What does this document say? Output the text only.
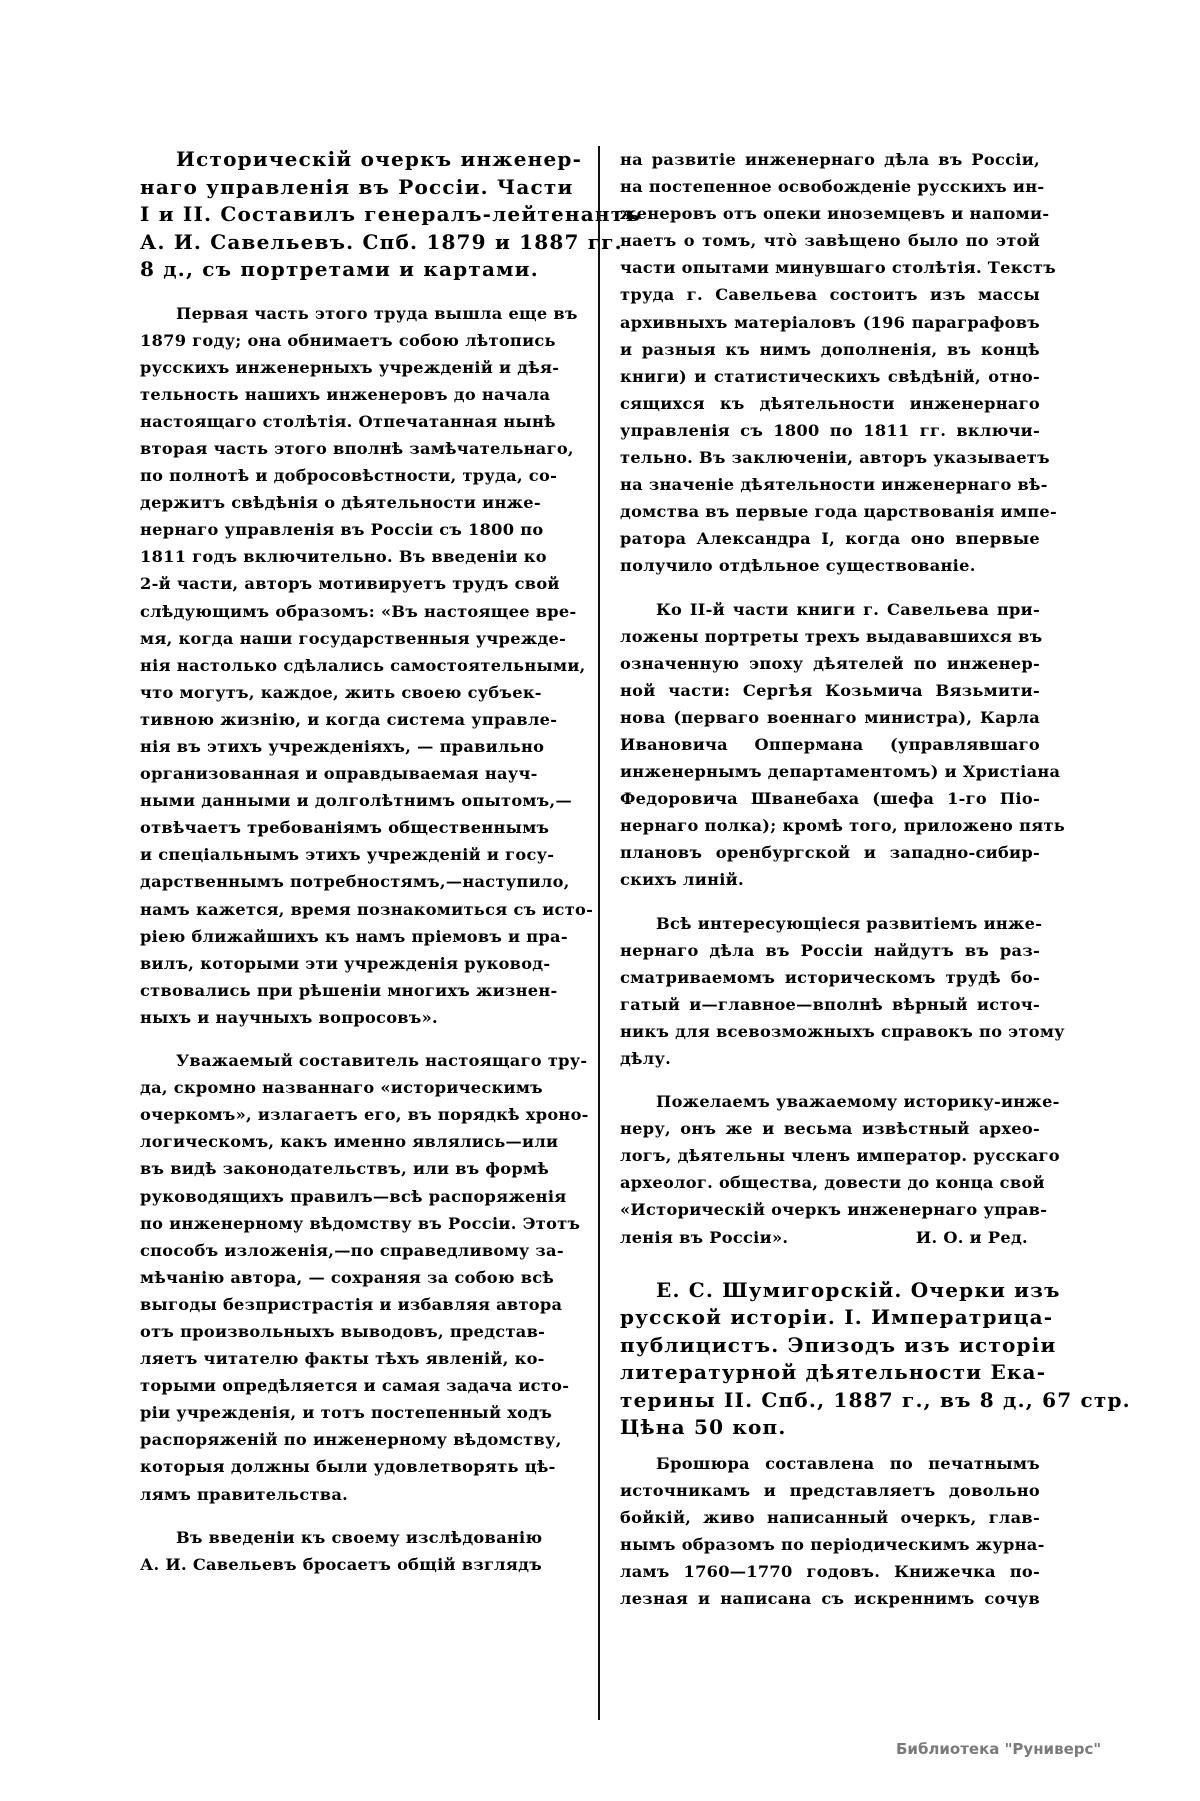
Историческій очеркъ инженер-
наго управленія въ Россіи. Части
I и II. Составилъ генералъ-лейтенантъ
А. И. Савельевъ. Спб. 1879 и 1887 гг.
8 д., съ портретами и картами.
Первая часть этого труда вышла еще въ
1879 году; она обнимаетъ собою лѣтопись
русскихъ инженерныхъ учрежденій и дѣя-
тельность нашихъ инженеровъ до начала
настоящаго столѣтія. Отпечатанная нынѣ
вторая часть этого вполнѣ замѣчательнаго,
по полнотѣ и добросовѣстности, труда, со-
держитъ свѣдѣнія о дѣятельности инже-
нернаго управленія въ Россіи съ 1800 по
1811 годъ включительно. Въ введеніи ко
2-й части, авторъ мотивируетъ трудъ свой
слѣдующимъ образомъ: «Въ настоящее вре-
мя, когда наши государственныя учрежде-
нія настолько сдѣлались самостоятельными,
что могутъ, каждое, жить своею субъек-
тивною жизнію, и когда система управле-
нія въ этихъ учрежденіяхъ, — правильно
организованная и оправдываемая науч-
ными данными и долголѣтнимъ опытомъ,—
отвѣчаетъ требованіямъ общественнымъ
и спеціальнымъ этихъ учрежденій и госу-
дарственнымъ потребностямъ,—наступило,
намъ кажется, время познакомиться съ исто-
ріею ближайшихъ къ намъ пріемовъ и пра-
вилъ, которыми эти учрежденія руковод-
ствовались при рѣшеніи многихъ жизнен-
ныхъ и научныхъ вопросовъ».
Уважаемый составитель настоящаго тру-
да, скромно названнаго «историческимъ
очеркомъ», излагаетъ его, въ порядкѣ хроно-
логическомъ, какъ именно являлись—или
въ видѣ законодательствъ, или въ формѣ
руководящихъ правилъ—всѣ распоряженія
по инженерному вѣдомству въ Россіи. Этотъ
способъ изложенія,—по справедливому за-
мѣчанію автора, — сохраняя за собою всѣ
выгоды безпристрастія и избавляя автора
отъ произвольныхъ выводовъ, представ-
ляетъ читателю факты тѣхъ явленій, ко-
торыми опредѣляется и самая задача исто-
ріи учрежденія, и тотъ постепенный ходъ
распоряженій по инженерному вѣдомству,
которыя должны были удовлетворять цѣ-
лямъ правительства.
Въ введеніи къ своему изслѣдованію
А. И. Савельевъ бросаетъ общій взглядъ
на развитіе инженернаго дѣла въ Россіи,
на постепенное освобожденіе русскихъ ин-
женеровъ отъ опеки иноземцевъ и напоми-
наетъ о томъ, что̀ завѣщено было по этой
части опытами минувшаго столѣтія. Текстъ
труда г. Савельева состоитъ изъ массы
архивныхъ матеріаловъ (196 параграфовъ
и разныя къ нимъ дополненія, въ концѣ
книги) и статистическихъ свѣдѣній, отно-
сящихся къ дѣятельности инженернаго
управленія съ 1800 по 1811 гг. включи-
тельно. Въ заключеніи, авторъ указываетъ
на значеніе дѣятельности инженернаго вѣ-
домства въ первые года царствованія импе-
ратора Александра I, когда оно впервые
получило отдѣльное существованіе.
Ко II-й части книги г. Савельева при-
ложены портреты трехъ выдававшихся въ
означенную эпоху дѣятелей по инженер-
ной части: Сергѣя Козьмича Вязьмити-
нова (перваго военнаго министра), Карла
Ивановича Оппермана (управлявшаго
инженернымъ департаментомъ) и Христіана
Федоровича Шванебаха (шефа 1-го Піо-
нернаго полка); кромѣ того, приложено пять
плановъ оренбургской и западно-сибир-
скихъ линій.
Всѣ интересующіеся развитіемъ инже-
нернаго дѣла въ Россіи найдутъ въ раз-
сматриваемомъ историческомъ трудѣ бо-
гатый и—главное—вполнѣ вѣрный источ-
никъ для всевозможныхъ справокъ по этому
дѣлу.
Пожелаемъ уважаемому историку-инже-
неру, онъ же и весьма извѣстный архео-
логъ, дѣятельны членъ император. русскаго
археолог. общества, довести до конца свой
«Историческій очеркъ инженернаго управ-
ленія въ Россіи».	И. О. и Ред.
Е. С. Шумигорскій. Очерки изъ
русской исторіи. I. Императрица-
публицистъ. Эпизодъ изъ исторіи
литературной дѣятельности Ека-
терины II. Спб., 1887 г., въ 8 д., 67 стр.
Цѣна 50 коп.
Брошюра составлена по печатнымъ
источникамъ и представляетъ довольно
бойкій, живо написанный очеркъ, глав-
нымъ образомъ по періодическимъ журна-
ламъ 1760—1770 годовъ. Книжечка по-
лезная и написана съ искреннимъ сочув
Библиотека "Руниверс"
